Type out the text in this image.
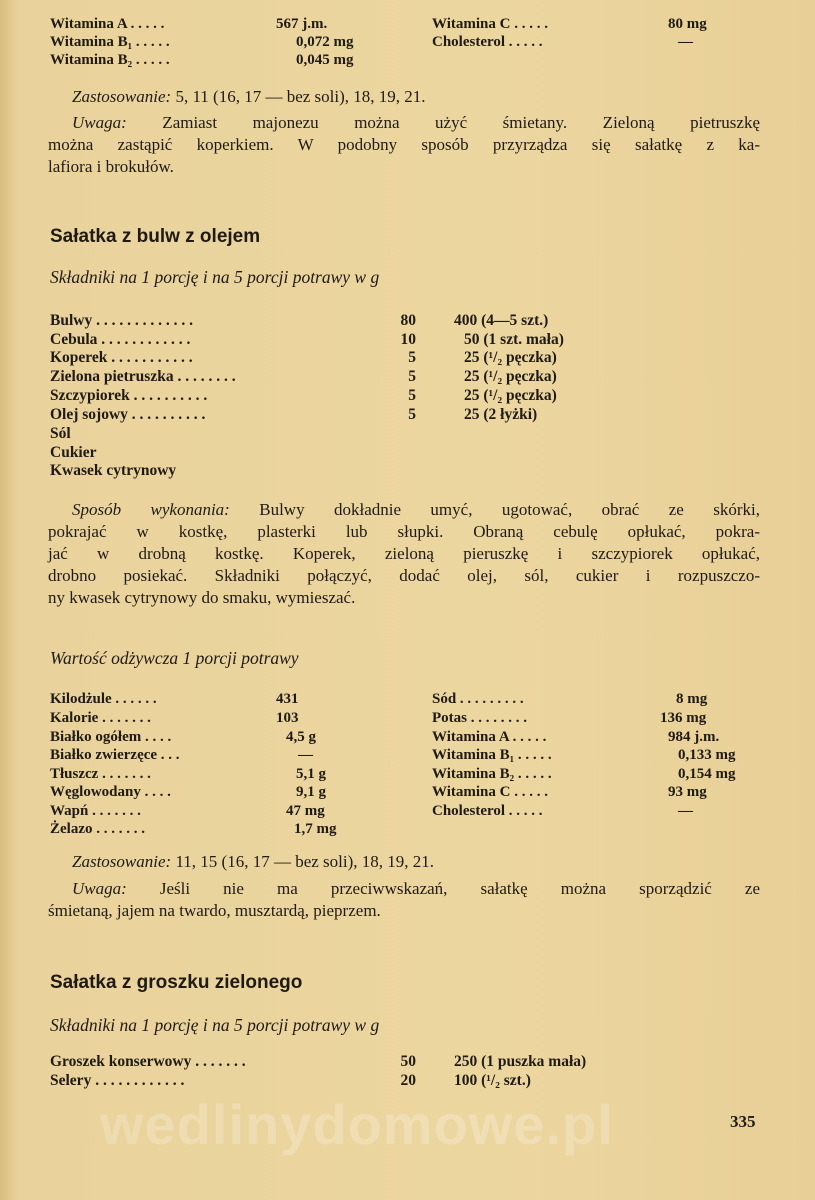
Witamina A . . . . .	567 j.m.
Witamina B₁ . . . . .	0,072 mg
Witamina B₂ . . . . .	0,045 mg
Witamina C . . . . .	80 mg
Cholesterol . . . . .	—
Zastosowanie: 5, 11 (16, 17 — bez soli), 18, 19, 21.
Uwaga: Zamiast majonezu można użyć śmietany. Zieloną pietruszkę
można zastąpić koperkiem. W podobny sposób przyrządza się sałatkę z ka-
lafiora i brokułów.
Sałatka z bulw z olejem
Składniki na 1 porcję i na 5 porcji potrawy w g
Bulwy . . . . . . . . . . . . .	80 400 (4—5 szt.)
Cebula . . . . . . . . . . . .	10	50 (1 szt. mała)
Koperek . . . . . . . . . . .	5	25 (¹/₂ pęczka)
Zielona pietruszka . . . . . . . .	5	25 (¹/₂ pęczka)
Szczypiorek . . . . . . . . . .	5	25 (¹/₂ pęczka)
Olej sojowy . . . . . . . . . .	5	25 (2 łyżki)
Sól
Cukier
Kwasek cytrynowy
Sposób wykonania: Bulwy dokładnie umyć, ugotować, obrać ze skórki,
pokrajać w kostkę, plasterki lub słupki. Obraną cebulę opłukać, pokra-
jać w drobną kostkę. Koperek, zieloną pieruszkę i szczypiorek opłukać,
drobno posiekać. Składniki połączyć, dodać olej, sól, cukier i rozpuszczo-
ny kwasek cytrynowy do smaku, wymieszać.
Wartość odżywcza 1 porcji potrawy
Kilodżule . . . . . .	431
Kalorie . . . . . . .	103
Białko ogółem . . . .	4,5 g
Białko zwierzęce . . .	—
Tłuszcz . . . . . . .	5,1 g
Węglowodany . . . .	9,1 g
Wapń . . . . . . .	47 mg
Żelazo . . . . . . .	1,7 mg
Sód . . . . . . . . .	8 mg
Potas . . . . . . . .	136 mg
Witamina A . . . . .	984 j.m.
Witamina B₁ . . . . .	0,133 mg
Witamina B₂ . . . . .	0,154 mg
Witamina C . . . . .	93 mg
Cholesterol . . . . .	—
Zastosowanie: 11, 15 (16, 17 — bez soli), 18, 19, 21.
Uwaga: Jeśli nie ma przeciwwskazań, sałatkę można sporządzić ze
śmietaną, jajem na twardo, musztardą, pieprzem.
Sałatka z groszku zielonego
Składniki na 1 porcję i na 5 porcji potrawy w g
Groszek konserwowy . . . . . . .	50 250 (1 puszka mała)
Selery . . . . . . . . . . . .	20 100 (¹/₂ szt.)
wedlinydomowe.pl	335
